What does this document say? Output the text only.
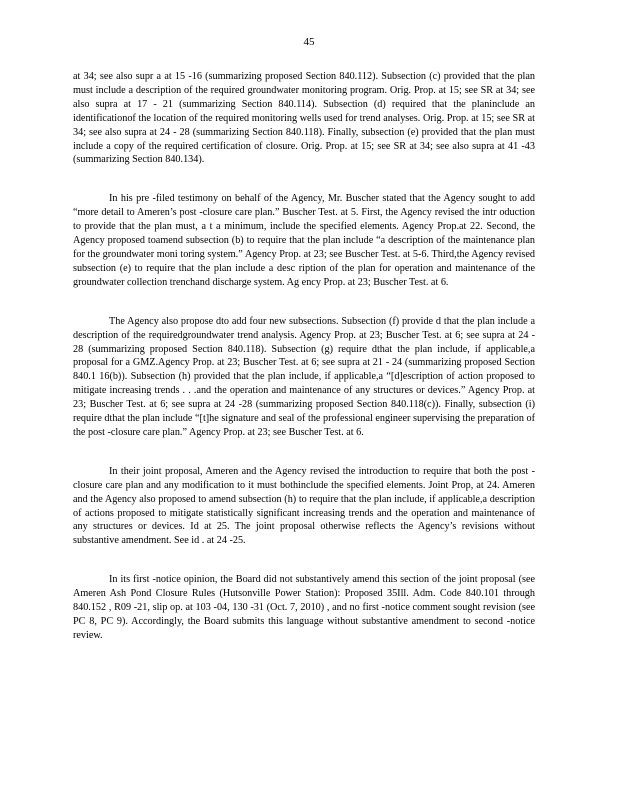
45

at 34; see also supr a at 15 -16 (summarizing proposed Section 840.112). Subsection (c) provided that the plan must include a description of the required groundwater monitoring program. Orig. Prop. at 15; see SR at 34; see also supra at 17 - 21 (summarizing Section 840.114). Subsection (d) required that the planinclude an identificationof the location of the required monitoring wells used for trend analyses. Orig. Prop. at 15; see SR at 34; see also supra at 24 - 28 (summarizing Section 840.118). Finally, subsection (e) provided that the plan must include a copy of the required certification of closure. Orig. Prop. at 15; see SR at 34; see also supra at 41 -43 (summarizing Section 840.134).

In his pre -filed testimony on behalf of the Agency, Mr. Buscher stated that the Agency sought to add “more detail to Ameren’s post -closure care plan.” Buscher Test. at 5. First, the Agency revised the intr oduction to provide that the plan must, a t a minimum, include the specified elements. Agency Prop.at 22. Second, the Agency proposed toamend subsection (b) to require that the plan include “a description of the maintenance plan for the groundwater moni toring system.” Agency Prop. at 23; see Buscher Test. at 5-6. Third,the Agency revised subsection (e) to require that the plan include a desc ription of the plan for operation and maintenance of the groundwater collection trenchand discharge system. Ag ency Prop. at 23; Buscher Test. at 6.

The Agency also propose dto add four new subsections. Subsection (f) provide d that the plan include a description of the requiredgroundwater trend analysis. Agency Prop. at 23; Buscher Test. at 6; see supra at 24 - 28 (summarizing proposed Section 840.118). Subsection (g) require dthat the plan include, if applicable,a proposal for a GMZ.Agency Prop. at 23; Buscher Test. at 6; see supra at 21 - 24 (summarizing proposed Section 840.1 16(b)). Subsection (h) provided that the plan include, if applicable,a “[d]escription of action proposed to mitigate increasing trends . . .and the operation and maintenance of any structures or devices.” Agency Prop. at 23; Buscher Test. at 6; see supra at 24 -28 (summarizing proposed Section 840.118(c)). Finally, subsection (i) require dthat the plan include “[t]he signature and seal of the professional engineer supervising the preparation of the post -closure care plan.” Agency Prop. at 23; see Buscher Test. at 6.

In their joint proposal, Ameren and the Agency revised the introduction to require that both the post -closure care plan and any modification to it must bothinclude the specified elements. Joint Prop, at 24. Ameren and the Agency also proposed to amend subsection (h) to require that the plan include, if applicable,a description of actions proposed to mitigate statistically significant increasing trends and the operation and maintenance of any structures or devices. Id at 25. The joint proposal otherwise reflects the Agency’s revisions without substantive amendment. See id . at 24 -25.

In its first -notice opinion, the Board did not substantively amend this section of the joint proposal (see Ameren Ash Pond Closure Rules (Hutsonville Power Station): Proposed 35Ill. Adm. Code 840.101 through 840.152 , R09 -21, slip op. at 103 -04, 130 -31 (Oct. 7, 2010) , and no first -notice comment sought revision (see PC 8, PC 9). Accordingly, the Board submits this language without substantive amendment to second -notice review.
